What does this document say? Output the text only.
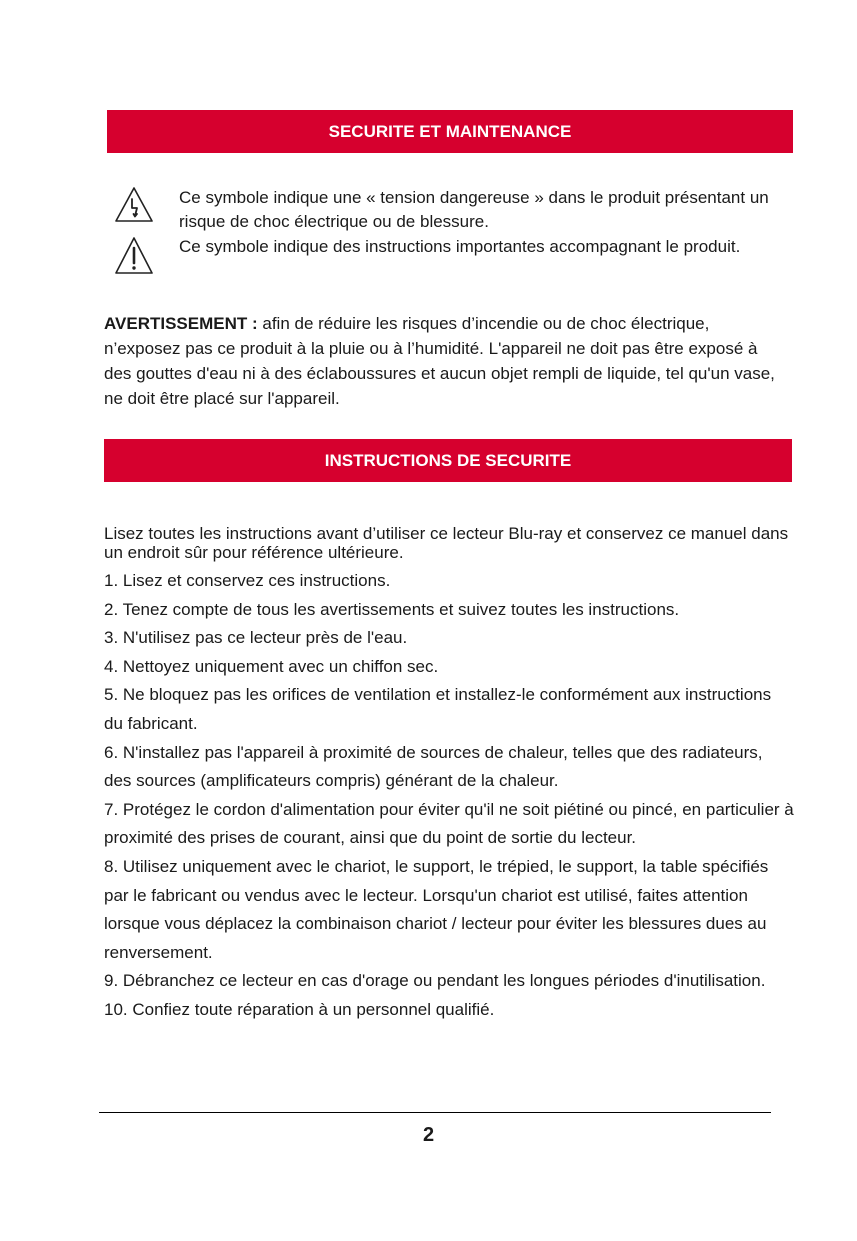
SECURITE ET MAINTENANCE
Ce symbole indique une « tension dangereuse » dans le produit présentant un risque de choc électrique ou de blessure.
Ce symbole indique des instructions importantes accompagnant le produit.

AVERTISSEMENT : afin de réduire les risques d’incendie ou de choc électrique, n’exposez pas ce produit à la pluie ou à l’humidité. L'appareil ne doit pas être exposé à des gouttes d'eau ni à des éclaboussures et aucun objet rempli de liquide, tel qu'un vase, ne doit être placé sur l'appareil.

INSTRUCTIONS DE SECURITE
Lisez toutes les instructions avant d’utiliser ce lecteur Blu-ray et conservez ce manuel dans un endroit sûr pour référence ultérieure.
1. Lisez et conservez ces instructions.
2. Tenez compte de tous les avertissements et suivez toutes les instructions.
3. N'utilisez pas ce lecteur près de l'eau.
4. Nettoyez uniquement avec un chiffon sec.
5. Ne bloquez pas les orifices de ventilation et installez-le conformément aux instructions du fabricant.
6. N'installez pas l'appareil à proximité de sources de chaleur, telles que des radiateurs, des sources (amplificateurs compris) générant de la chaleur.
7. Protégez le cordon d'alimentation pour éviter qu'il ne soit piétiné ou pincé, en particulier à proximité des prises de courant, ainsi que du point de sortie du lecteur.
8. Utilisez uniquement avec le chariot, le support, le trépied, le support, la table spécifiés par le fabricant ou vendus avec le lecteur. Lorsqu'un chariot est utilisé, faites attention lorsque vous déplacez la combinaison chariot / lecteur pour éviter les blessures dues au renversement.
9. Débranchez ce lecteur en cas d'orage ou pendant les longues périodes d'inutilisation.
10. Confiez toute réparation à un personnel qualifié.
2
